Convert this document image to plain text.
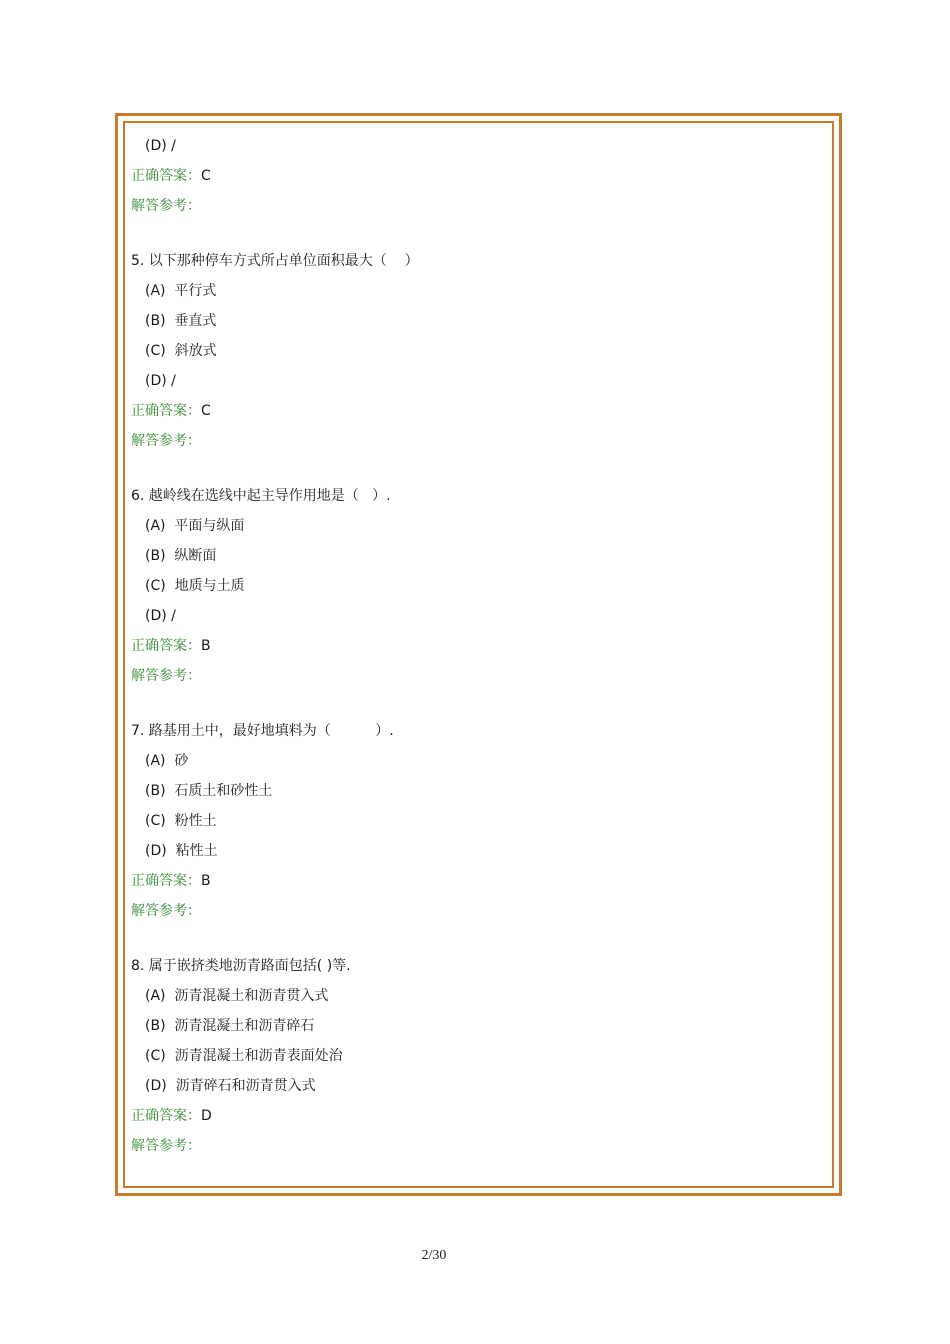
(D) /
正确答案：C
解答参考：
5. 以下那种停车方式所占单位面积最大（    ）
(A)  平行式
(B)  垂直式
(C)  斜放式
(D) /
正确答案：C
解答参考：
6. 越岭线在选线中起主导作用地是（   ）.
(A)  平面与纵面
(B)  纵断面
(C)  地质与土质
(D) /
正确答案：B
解答参考：
7. 路基用土中，最好地填料为（          ）.
(A)  砂
(B)  石质土和砂性土
(C)  粉性土
(D)  粘性土
正确答案：B
解答参考：
8. 属于嵌挤类地沥青路面包括( )等.
(A)  沥青混凝土和沥青贯入式
(B)  沥青混凝土和沥青碎石
(C)  沥青混凝土和沥青表面处治
(D)  沥青碎石和沥青贯入式
正确答案：D
解答参考：
2/30
